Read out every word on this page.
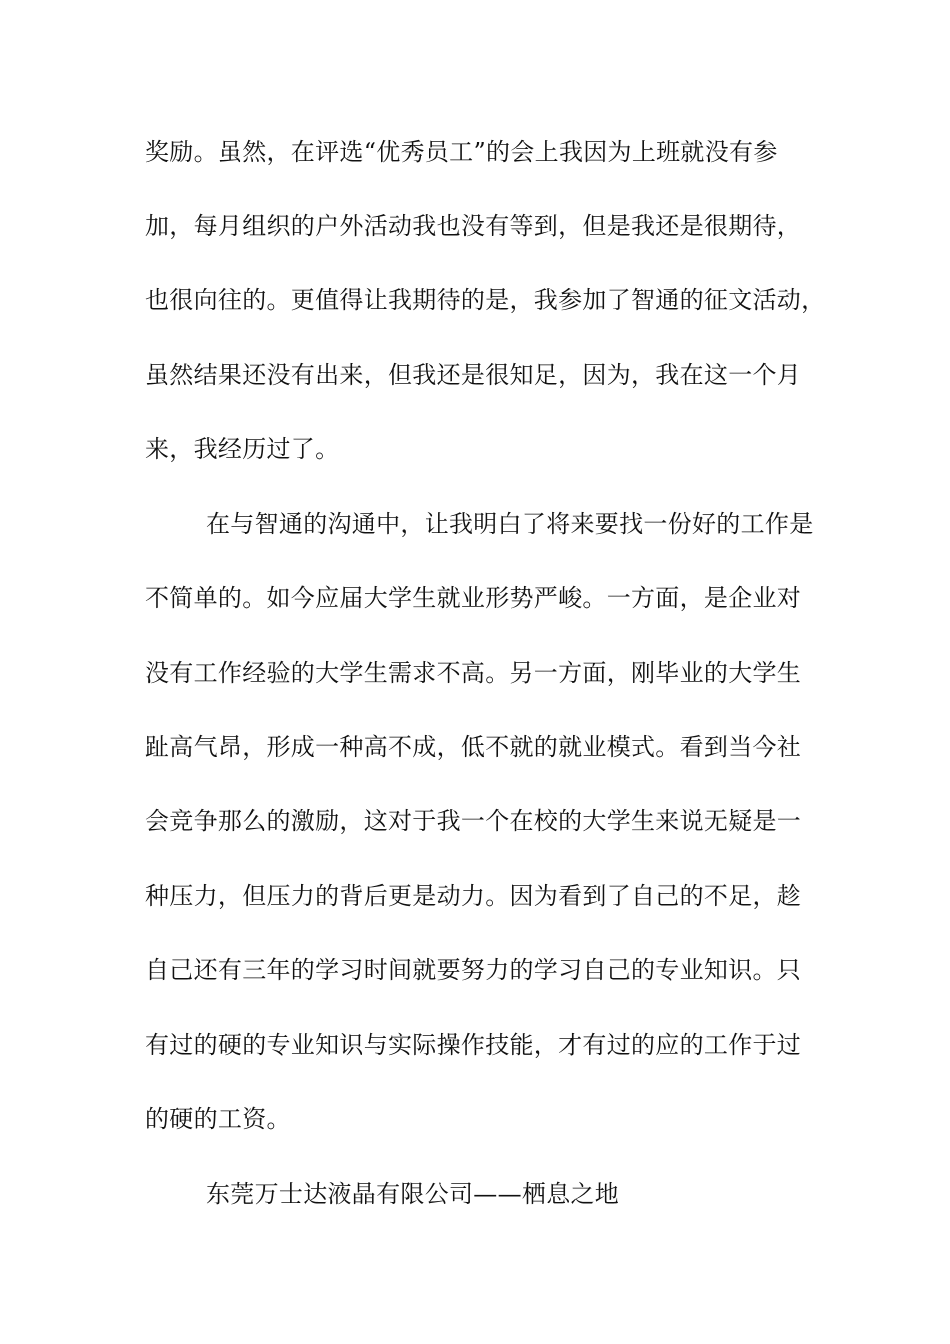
奖励。虽然，在评选“优秀员工”的会上我因为上班就没有参
加，每月组织的户外活动我也没有等到，但是我还是很期待，
也很向往的。更值得让我期待的是，我参加了智通的征文活动，
虽然结果还没有出来，但我还是很知足，因为，我在这一个月
来，我经历过了。
在与智通的沟通中，让我明白了将来要找一份好的工作是
不简单的。如今应届大学生就业形势严峻。一方面，是企业对
没有工作经验的大学生需求不高。另一方面，刚毕业的大学生
趾高气昂，形成一种高不成，低不就的就业模式。看到当今社
会竞争那么的激励，这对于我一个在校的大学生来说无疑是一
种压力，但压力的背后更是动力。因为看到了自己的不足，趁
自己还有三年的学习时间就要努力的学习自己的专业知识。只
有过的硬的专业知识与实际操作技能，才有过的应的工作于过
的硬的工资。
东莞万士达液晶有限公司——栖息之地
